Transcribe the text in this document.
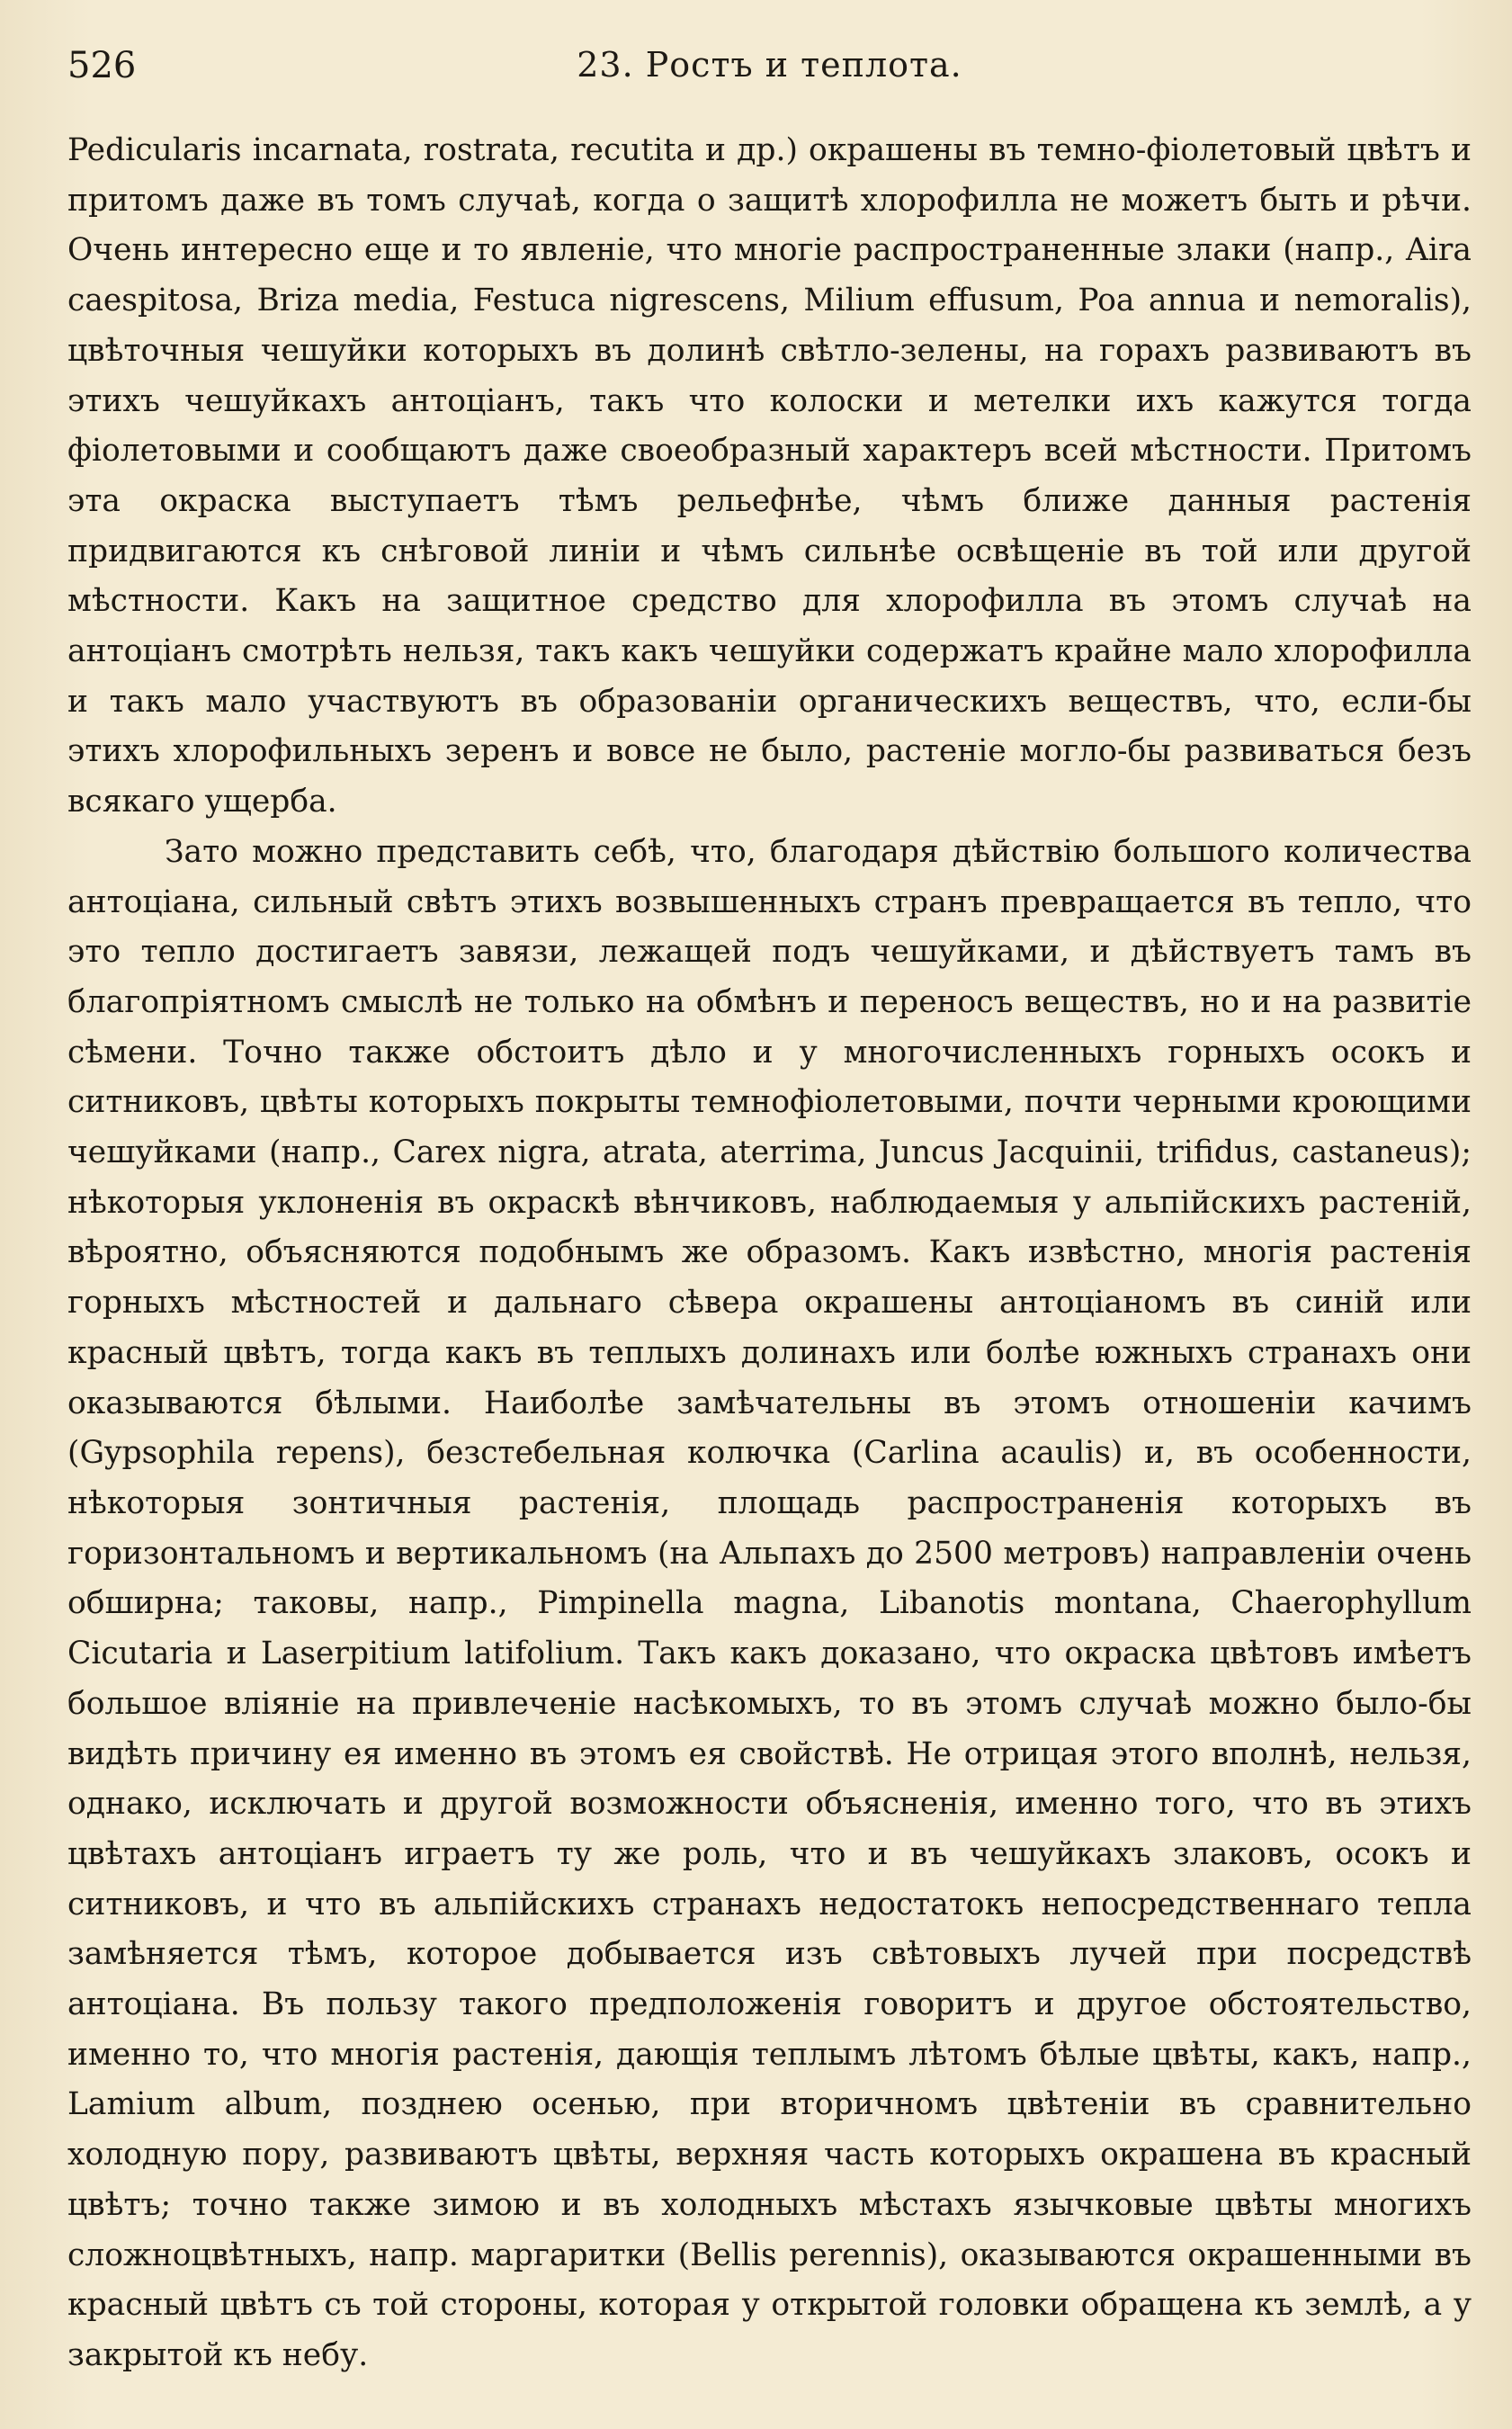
526	23. Ростъ и теплота.

Pedicularis incarnata, rostrata, recutita и др.) окрашены въ темно-фіолетовый цвѣтъ и притомъ даже въ томъ случаѣ, когда о защитѣ хлорофилла не можетъ быть и рѣчи. Очень интересно еще и то явленіе, что многіе распространенные злаки (напр., Aira caespitosa, Briza media, Festuca nigrescens, Milium effusum, Poa annua и nemoralis), цвѣточныя чешуйки которыхъ въ долинѣ свѣтло-зелены, на горахъ развиваютъ въ этихъ чешуйкахъ антоціанъ, такъ что колоски и метелки ихъ кажутся тогда фіолетовыми и сообщаютъ даже своеобразный характеръ всей мѣстности. Притомъ эта окраска выступаетъ тѣмъ рельефнѣе, чѣмъ ближе данныя растенія придвигаются къ снѣговой линіи и чѣмъ сильнѣе освѣщеніе въ той или другой мѣстности. Какъ на защитное средство для хлорофилла въ этомъ случаѣ на антоціанъ смотрѣть нельзя, такъ какъ чешуйки содержатъ крайне мало хлорофилла и такъ мало участвуютъ въ образованіи органическихъ веществъ, что, если-бы этихъ хлорофильныхъ зеренъ и вовсе не было, растеніе могло-бы развиваться безъ всякаго ущерба.

Зато можно представить себѣ, что, благодаря дѣйствію большого количества антоціана, сильный свѣтъ этихъ возвышенныхъ странъ превращается въ тепло, что это тепло достигаетъ завязи, лежащей подъ чешуйками, и дѣйствуетъ тамъ въ благопріятномъ смыслѣ не только на обмѣнъ и переносъ веществъ, но и на развитіе сѣмени. Точно также обстоитъ дѣло и у многочисленныхъ горныхъ осокъ и ситниковъ, цвѣты которыхъ покрыты темнофіолетовыми, почти черными кроющими чешуйками (напр., Carex nigra, atrata, aterrima, Juncus Jacquinii, trifidus, castaneus); нѣкоторыя уклоненія въ окраскѣ вѣнчиковъ, наблюдаемыя у альпійскихъ растеній, вѣроятно, объясняются подобнымъ же образомъ. Какъ извѣстно, многія растенія горныхъ мѣстностей и дальнаго сѣвера окрашены антоціаномъ въ синій или красный цвѣтъ, тогда какъ въ теплыхъ долинахъ или болѣе южныхъ странахъ они оказываются бѣлыми. Наиболѣе замѣчательны въ этомъ отношеніи качимъ (Gypsophila repens), безстебельная колючка (Carlina acaulis) и, въ особенности, нѣкоторыя зонтичныя растенія, площадь распространенія которыхъ въ горизонтальномъ и вертикальномъ (на Альпахъ до 2500 метровъ) направленіи очень обширна; таковы, напр., Pimpinella magna, Libanotis montana, Chaerophyllum Cicutaria и Laserpitium latifolium. Такъ какъ доказано, что окраска цвѣтовъ имѣетъ большое вліяніе на привлеченіе насѣкомыхъ, то въ этомъ случаѣ можно было-бы видѣть причину ея именно въ этомъ ея свойствѣ. Не отрицая этого вполнѣ, нельзя, однако, исключать и другой возможности объясненія, именно того, что въ этихъ цвѣтахъ антоціанъ играетъ ту же роль, что и въ чешуйкахъ злаковъ, осокъ и ситниковъ, и что въ альпійскихъ странахъ недостатокъ непосредственнаго тепла замѣняется тѣмъ, которое добывается изъ свѣтовыхъ лучей при посредствѣ антоціана. Въ пользу такого предположенія говоритъ и другое обстоятельство, именно то, что многія растенія, дающія теплымъ лѣтомъ бѣлые цвѣты, какъ, напр., Lamium album, позднею осенью, при вторичномъ цвѣтеніи въ сравнительно холодную пору, развиваютъ цвѣты, верхняя часть которыхъ окрашена въ красный цвѣтъ; точно также зимою и въ холодныхъ мѣстахъ язычковые цвѣты многихъ сложноцвѣтныхъ, напр. маргаритки (Bellis perennis), оказываются окрашенными въ красный цвѣтъ съ той стороны, которая у открытой головки обращена къ землѣ, а у закрытой къ небу.
